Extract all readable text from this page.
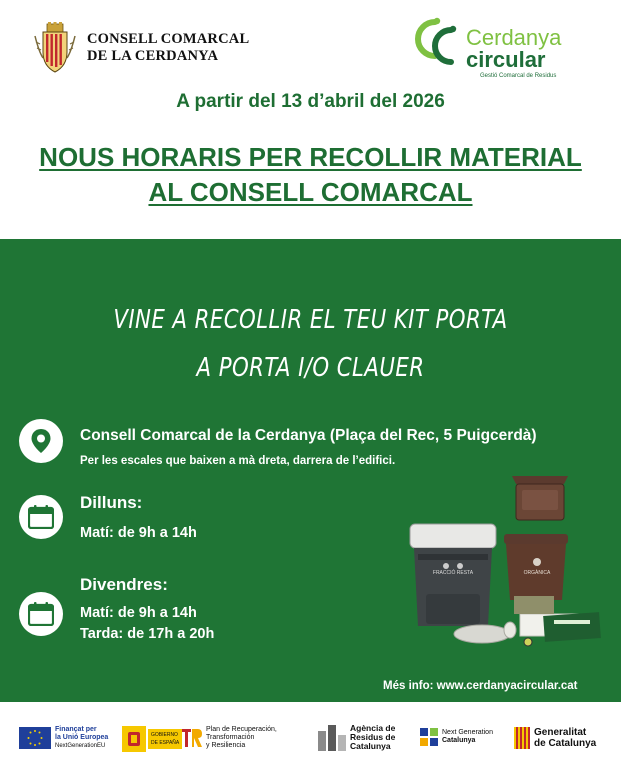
CONSELL COMARCAL
DE LA CERDANYA
Cerdanya
circular
Gestió Comarcal de Residus
A partir del 13 d’abril del 2026
NOUS HORARIS PER RECOLLIR MATERIAL
AL CONSELL COMARCAL
VINE A RECOLLIR EL TEU KIT PORTA
A PORTA I/O CLAUER
Consell Comarcal de la Cerdanya (Plaça del Rec, 5 Puigcerdà)
Per les escales que baixen a mà dreta, darrera de l’edifici.
Dilluns:
Matí: de 9h a 14h
Divendres:
Matí: de 9h a 14h
Tarda: de 17h a 20h
FRACCIÓ RESTA	ORGÀNICA
Més info: www.cerdanyacircular.cat
Finançat per
la Unió Europea
NextGenerationEU
GOBIERNO
DE ESPAÑA
Plan de Recuperación,
Transformación
y Resiliencia
Agència de
Residus de
Catalunya
Next Generation
Catalunya
Generalitat
de Catalunya
